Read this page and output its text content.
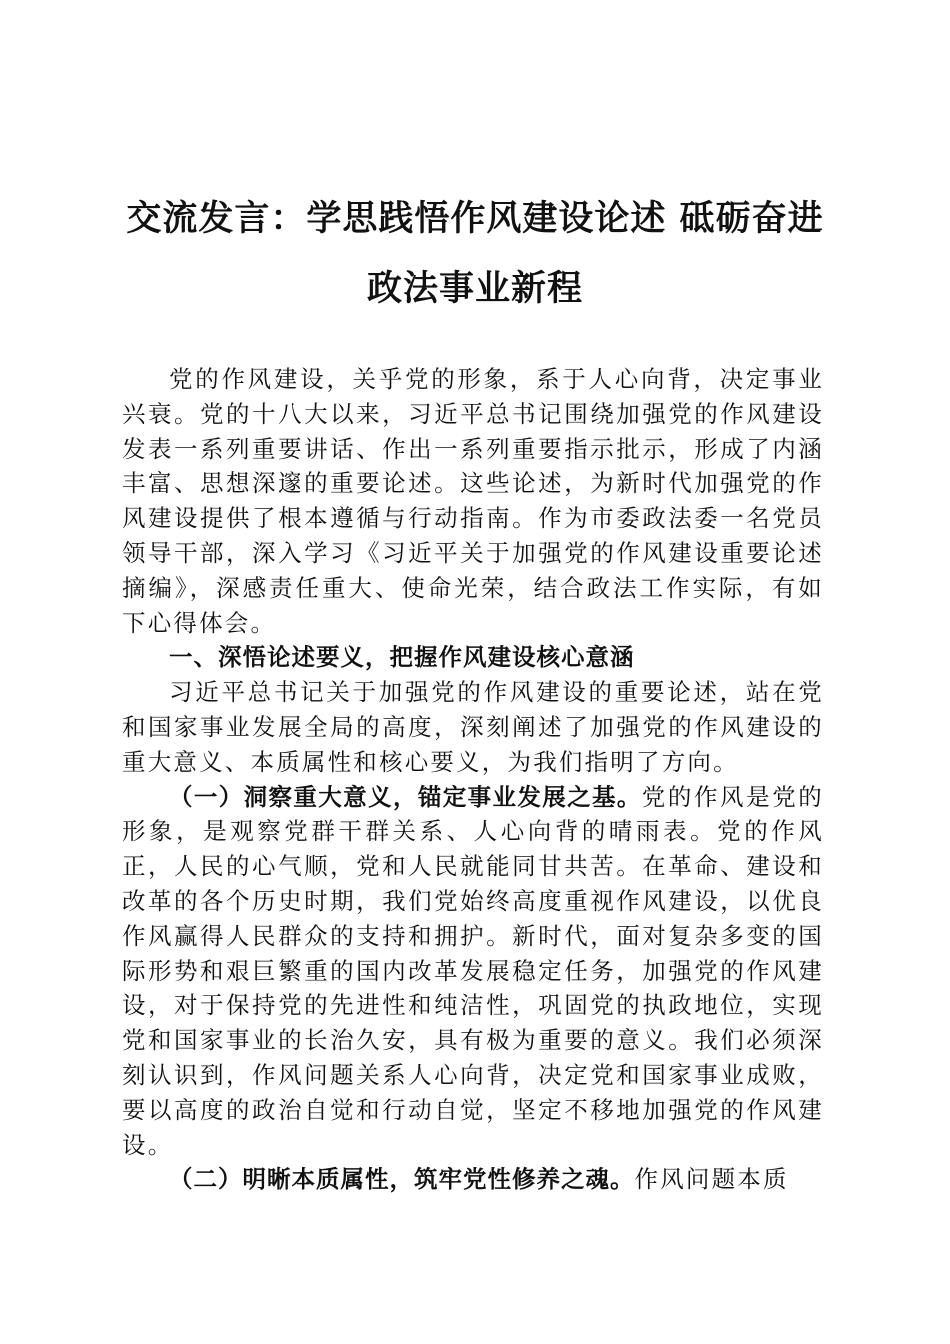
交流发言：学思践悟作风建设论述 砥砺奋进
政法事业新程

党的作风建设，关乎党的形象，系于人心向背，决定事业兴衰。党的十八大以来，习近平总书记围绕加强党的作风建设发表一系列重要讲话、作出一系列重要指示批示，形成了内涵丰富、思想深邃的重要论述。这些论述，为新时代加强党的作风建设提供了根本遵循与行动指南。作为市委政法委一名党员领导干部，深入学习《习近平关于加强党的作风建设重要论述摘编》，深感责任重大、使命光荣，结合政法工作实际，有如下心得体会。

一、深悟论述要义，把握作风建设核心意涵

习近平总书记关于加强党的作风建设的重要论述，站在党和国家事业发展全局的高度，深刻阐述了加强党的作风建设的重大意义、本质属性和核心要义，为我们指明了方向。

（一）洞察重大意义，锚定事业发展之基。党的作风是党的形象，是观察党群干群关系、人心向背的晴雨表。党的作风正，人民的心气顺，党和人民就能同甘共苦。在革命、建设和改革的各个历史时期，我们党始终高度重视作风建设，以优良作风赢得人民群众的支持和拥护。新时代，面对复杂多变的国际形势和艰巨繁重的国内改革发展稳定任务，加强党的作风建设，对于保持党的先进性和纯洁性，巩固党的执政地位，实现党和国家事业的长治久安，具有极为重要的意义。我们必须深刻认识到，作风问题关系人心向背，决定党和国家事业成败，要以高度的政治自觉和行动自觉，坚定不移地加强党的作风建设。

（二）明晰本质属性，筑牢党性修养之魂。作风问题本质
